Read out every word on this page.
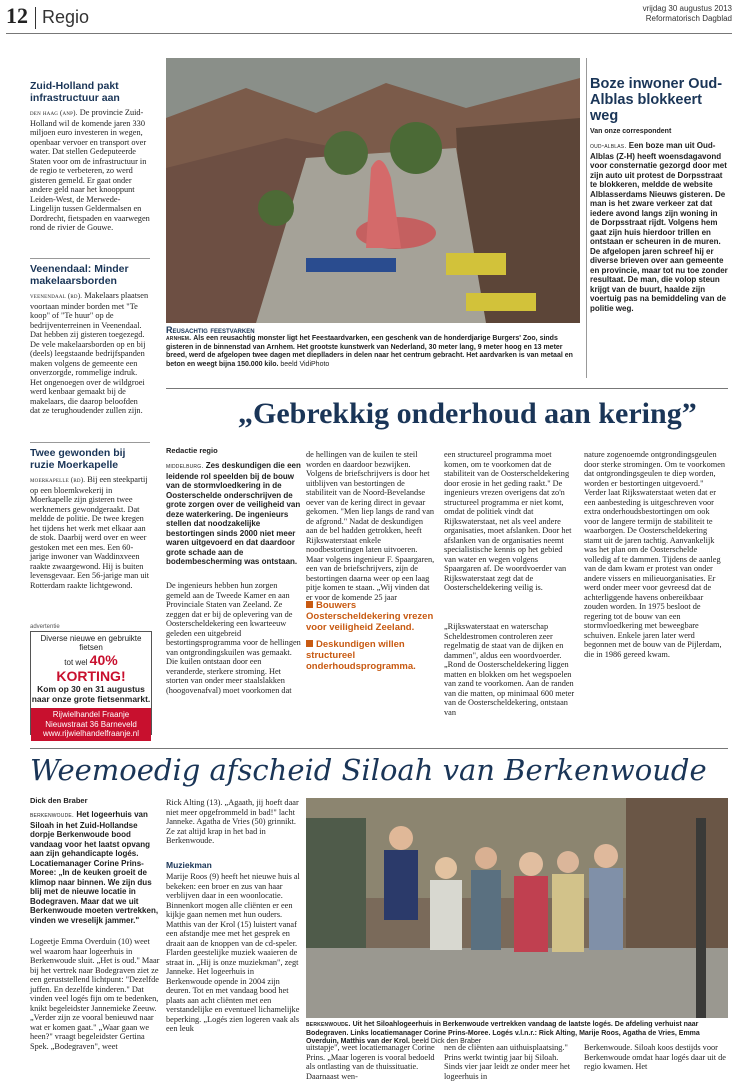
12 Regio	vrijdag 30 augustus 2013
Reformatorisch Dagblad
Zuid-Holland pakt infrastructuur aan
den haag (anp). De provincie Zuid-Holland wil de komende jaren 330 miljoen euro investeren in wegen, openbaar vervoer en transport over water. Dat stellen Gedeputeerde Staten voor om de infrastructuur in de regio te verbeteren, zo werd gisteren gemeld. Er gaat onder andere geld naar het knooppunt Leiden-West, de Merwede-Lingelijn tussen Geldermalsen en Dordrecht, fietspaden en vaarwegen rond de rivier de Gouwe.
Veenendaal: Minder makelaarsborden
veenendaal (rd). Makelaars plaatsen voortaan minder borden met "Te koop" of "Te huur" op de bedrijventerreinen in Veenendaal. Dat hebben zij gisteren toegezegd. De vele makelaarsborden op en bij (deels) leegstaande bedrijfspanden maken volgens de gemeente een onverzorgde, rommelige indruk. Het ongenoegen over de wildgroei werd kenbaar gemaakt bij de makelaars, die daarop beloofden dat ze terughoudender zullen zijn.
Twee gewonden bij ruzie Moerkapelle
moerkapelle (rd). Bij een steekpartij op een bloemkwekerij in Moerkapelle zijn gisteren twee werknemers gewondgeraakt. Dat meldde de politie. De twee kregen het tijdens het werk met elkaar aan de stok. Daarbij werd over en weer gestoken met een mes. Een 60-jarige inwoner van Waddinxveen raakte zwaargewond. Hij is buiten levensgevaar. Een 56-jarige man uit Rotterdam raakte lichtgewond.
advertentie
Diverse nieuwe en gebruikte fietsen
tot wel 40% KORTING!
Kom op 30 en 31 augustus
naar onze grote fietsenmarkt.
Rijwielhandel Fraanje
Nieuwstraat 36 Barneveld
www.rijwielhandelfraanje.nl
Reusachtig feestvarken
arnhem. Als een reusachtig monster ligt het Feestaardvarken, een geschenk van de honderdjarige Burgers' Zoo, sinds gisteren in de binnenstad van Arnhem. Het grootste kunstwerk van Nederland, 30 meter lang, 9 meter hoog en 13 meter breed, werd de afgelopen twee dagen met dieplladers in delen naar het centrum gebracht. Het aardvarken is van metaal en beton en weegt bijna 150.000 kilo. beeld VidiPhoto
Boze inwoner Oud-Alblas blokkeert weg
Van onze correspondent
oud-alblas. Een boze man uit Oud-Alblas (Z-H) heeft woensdagavond voor consternatie gezorgd door met zijn auto uit protest de Dorpsstraat te blokkeren, meldde de website Alblasserdams Nieuws gisteren. De man is het zware verkeer zat dat iedere avond langs zijn woning in de Dorpsstraat rijdt. Volgens hem gaat zijn huis hierdoor trillen en ontstaan er scheuren in de muren. De afgelopen jaren schreef hij er diverse brieven over aan gemeente en provincie, maar tot nu toe zonder resultaat. De man, die volop steun krijgt van de buurt, haalde zijn voertuig pas na bemiddeling van de politie weg.
„Gebrekkig onderhoud aan kering”
Redactie regio
middelburg. Zes deskundigen die een leidende rol speelden bij de bouw van de stormvloedkering in de Oosterschelde onderschrijven de grote zorgen over de veiligheid van deze waterkering. De ingenieurs stellen dat noodzakelijke bestortingen sinds 2000 niet meer waren uitgevoerd en dat daardoor grote schade aan de bodembescherming was ontstaan.
De ingenieurs hebben hun zorgen gemeld aan de Tweede Kamer en aan Provinciale Staten van Zeeland. Ze zeggen dat er bij de oplevering van de Oosterscheldekering een kwarteeuw geleden een uitgebreid bestortingsprogramma voor de hellingen van ontgrondingskuilen was gemaakt. Die kuilen ontstaan door een veranderde, sterkere stroming. Het storten van onder meer staalslakken (hoogovenafval) moet voorkomen dat
de hellingen van de kuilen te steil worden en daardoor bezwijken. Volgens de briefschrijvers is door het uitblijven van bestortingen de stabiliteit van de Noord-Bevelandse oever van de kering direct in gevaar gekomen. "Men liep langs de rand van de afgrond." Nadat de deskundigen aan de bel hadden getrokken, heeft Rijkswaterstaat enkele noodbestortingen laten uitvoeren. Maar volgens ingenieur F. Spaargaren, een van de briefschrijvers, zijn de bestortingen daarna weer op een laag pitje komen te staan. „Wij vinden dat er voor de komende 25 jaar
Bouwers Oosterscheldekering vrezen voor veiligheid Zeeland.
Deskundigen willen structureel onderhoudsprogramma.
een structureel programma moet komen, om te voorkomen dat de stabiliteit van de Oosterscheldekering door erosie in het geding raakt." De ingenieurs vrezen overigens dat zo'n structureel programma er niet komt, omdat de politiek vindt dat Rijkswaterstaat, net als veel andere organisaties, moet afslanken. Door het afslanken van de organisaties neemt specialistische kennis op het gebied van water en wegen volgens Spaargaren af. De woordvoerder van Rijkswaterstaat zegt dat de Oosterscheldekering veilig is.
„Rijkswaterstaat en waterschap Scheldestromen controleren zeer regelmatig de staat van de dijken en dammen", aldus een woordvoerder. „Rond de Oosterscheldekering liggen matten en blokken om het wegspoelen van zand te voorkomen. Aan de randen van die matten, op minimaal 600 meter van de Oosterscheldekering, ontstaan van
nature zogenoemde ontgrondingsgeulen door sterke stromingen. Om te voorkomen dat ontgrondingsgeulen te diep worden, worden er bestortingen uitgevoerd." Verder laat Rijkswaterstaat weten dat er een aanbesteding is uitgeschreven voor extra onderhoudsbestortingen om ook voor de langere termijn de stabiliteit te waarborgen. De Oosterscheldekering stamt uit de jaren tachtig. Aanvankelijk was het plan om de Oosterschelde volledig af te dammen. Tijdens de aanleg van de dam kwam er protest van onder andere vissers en milieuorganisaties. Er werd onder meer voor gevreesd dat de achterliggende havens onbereikbaar zouden worden. In 1975 besloot de regering tot de bouw van een stormvloedkering met beweegbare schuiven. Enkele jaren later werd begonnen met de bouw van de Pijlerdam, die in 1986 gereed kwam.
Weemoedig afscheid Siloah van Berkenwoude
Dick den Braber
berkenwoude. Het logeerhuis van Siloah in het Zuid-Hollandse dorpje Berkenwoude bood vandaag voor het laatst opvang aan zijn gehandicapte logés. Locatiemanager Corine Prins-Moree: „In de keuken groeit de klimop naar binnen. We zijn dus blij met de nieuwe locatie in Bodegraven. Maar dat we uit Berkenwoude moeten vertrekken, vinden we vreselijk jammer."
Logeetje Emma Overduin (10) weet wel waarom haar logeerhuis in Berkenwoude sluit. „Het is oud." Maar bij het vertrek naar Bodegraven ziet ze een geruststellend lichtpunt: "Dezelfde juffen. En dezelfde kinderen." Dat vinden veel logés fijn om te bedenken, knikt begeleidster Jannemieke Zeeuw. „Verder zijn ze vooral benieuwd naar wat er komen gaat." „Waar gaan we heen?" vraagt begeleidster Gertina Spek. „Bodegraven", weet
Rick Alting (13). „Agaath, jij hoeft daar niet meer opgefrommeld in bad!" lacht Janneke. Agatha de Vries (50) grinnikt. Ze zat altijd krap in het bad in Berkenwoude.
Muziekman
Marije Roos (9) heeft het nieuwe huis al bekeken: een broer en zus van haar verblijven daar in een woonlocatie. Binnenkort mogen alle cliënten er een kijkje gaan nemen met hun ouders. Matthis van der Krol (15) luistert vanaf een afstandje mee met het gesprek en draait aan de knoppen van de cd-speler. Flarden geestelijke muziek waaieren de straat in. „Hij is onze muziekman", zegt Janneke. Het logeerhuis in Berkenwoude opende in 2004 zijn deuren. Tot en met vandaag bood het plaats aan acht cliënten met een verstandelijke en eventueel lichamelijke beperking. „Logés zien logeren vaak als een leuk	berkenwoude. Uit het Siloahlogeerhuis in Berkenwoude vertrekken vandaag de laatste logés. De afdeling verhuist naar Bodegraven. Links locatiemanager Corine Prins-Moree. Logés v.l.n.r.: Rick Alting, Marije Roos, Agatha de Vries, Emma Overduin, Matthis van der Krol. beeld Dick den Braber
uitstapje", weet locatiemanager Corine Prins. „Maar logeren is vooral bedoeld als ontlasting van de thuissituatie. Daarnaast wen-
nen de cliënten aan uithuisplaatsing." Prins werkt twintig jaar bij Siloah. Sinds vier jaar leidt ze onder meer het logeerhuis in
Berkenwoude. Siloah koos destijds voor Berkenwoude omdat haar logés daar uit de regio kwamen. Het
